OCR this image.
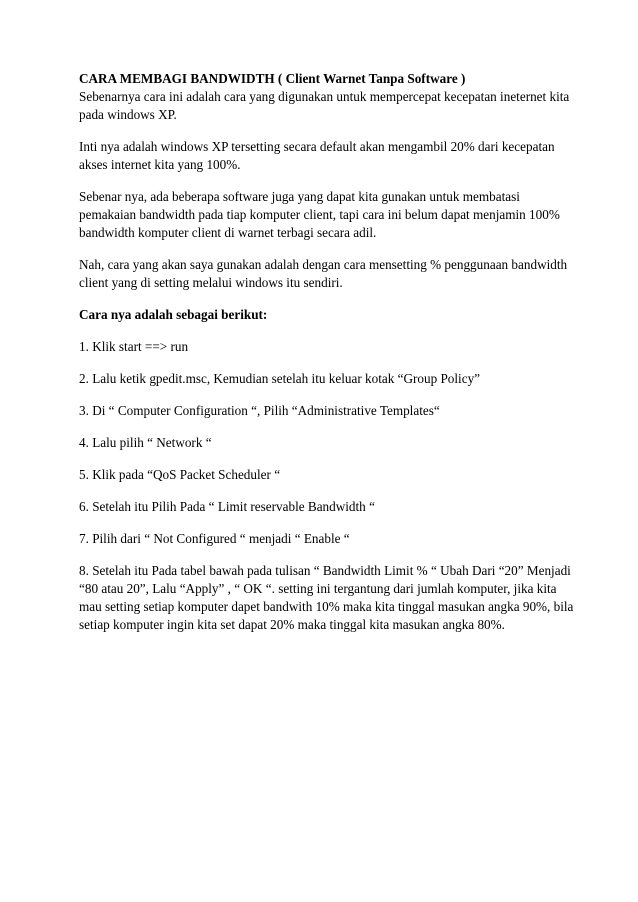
CARA MEMBAGI BANDWIDTH ( Client Warnet Tanpa Software )

Sebenarnya cara ini adalah cara yang digunakan untuk mempercepat kecepatan ineternet kita pada windows XP.

Inti nya adalah windows XP tersetting secara default akan mengambil 20% dari kecepatan akses internet kita yang 100%.

Sebenar nya, ada beberapa software juga yang dapat kita gunakan untuk membatasi pemakaian bandwidth pada tiap komputer client, tapi cara ini belum dapat menjamin 100% bandwidth komputer client di warnet terbagi secara adil.

Nah, cara yang akan saya gunakan adalah dengan cara mensetting % penggunaan bandwidth client yang di setting melalui windows itu sendiri.

Cara nya adalah sebagai berikut:

1. Klik start ==> run

2. Lalu ketik gpedit.msc, Kemudian setelah itu keluar kotak “Group Policy”

3. Di “ Computer Configuration “, Pilih “Administrative Templates“

4. Lalu pilih “ Network “

5. Klik pada “QoS Packet Scheduler “

6. Setelah itu Pilih Pada “ Limit reservable Bandwidth “

7. Pilih dari “ Not Configured “ menjadi “ Enable “

8. Setelah itu Pada tabel bawah pada tulisan “ Bandwidth Limit % “ Ubah Dari “20” Menjadi “80 atau 20”, Lalu “Apply” , “ OK “. setting ini tergantung dari jumlah komputer, jika kita mau setting setiap komputer dapet bandwith 10% maka kita tinggal masukan angka 90%, bila setiap komputer ingin kita set dapat 20% maka tinggal kita masukan angka 80%.
